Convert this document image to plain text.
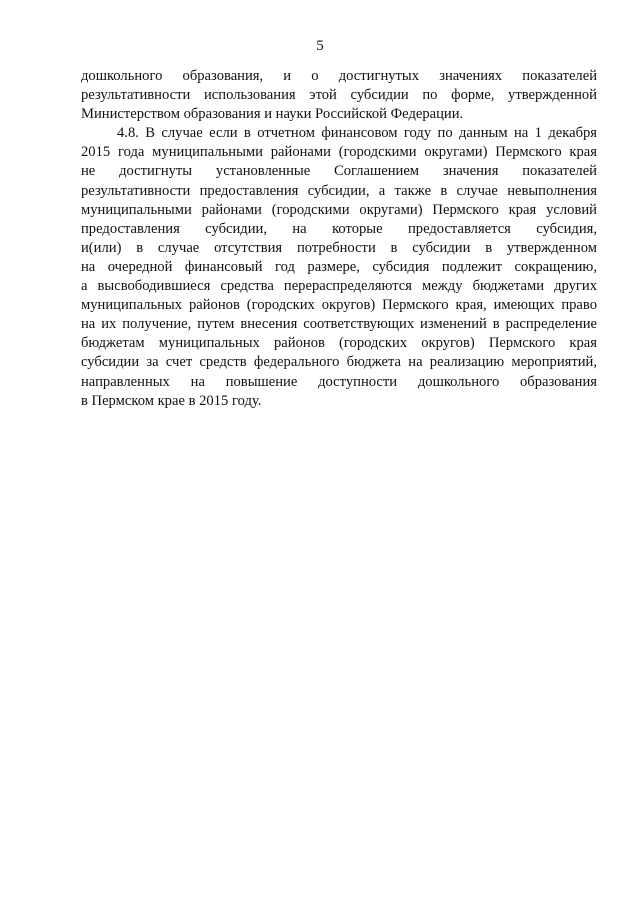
5
дошкольного образования, и о достигнутых значениях показателей
результативности использования этой субсидии по форме, утвержденной
Министерством образования и науки Российской Федерации.
4.8. В случае если в отчетном финансовом году по данным на 1 декабря
2015 года муниципальными районами (городскими округами) Пермского края
не достигнуты установленные Соглашением значения показателей
результативности предоставления субсидии, а также в случае невыполнения
муниципальными районами (городскими округами) Пермского края условий
предоставления субсидии, на которые предоставляется субсидия,
и(или) в случае отсутствия потребности в субсидии в утвержденном
на очередной финансовый год размере, субсидия подлежит сокращению,
а высвободившиеся средства перераспределяются между бюджетами других
муниципальных районов (городских округов) Пермского края, имеющих право
на их получение, путем внесения соответствующих изменений в распределение
бюджетам муниципальных районов (городских округов) Пермского края
субсидии за счет средств федерального бюджета на реализацию мероприятий,
направленных на повышение доступности дошкольного образования
в Пермском крае в 2015 году.
